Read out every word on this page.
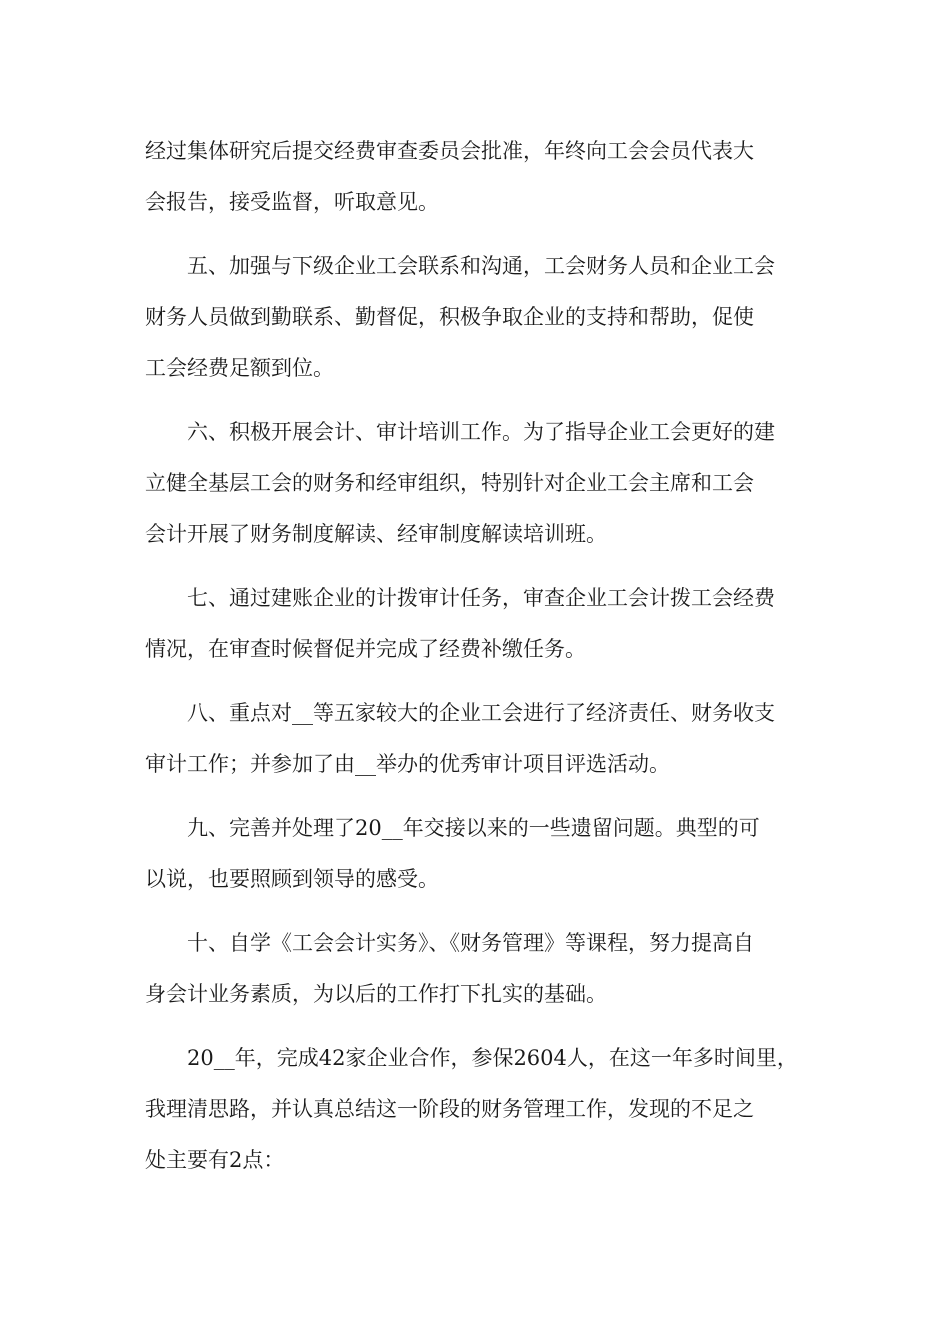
经过集体研究后提交经费审查委员会批准，年终向工会会员代表大
会报告，接受监督，听取意见。

五、加强与下级企业工会联系和沟通，工会财务人员和企业工会
财务人员做到勤联系、勤督促，积极争取企业的支持和帮助，促使
工会经费足额到位。

六、积极开展会计、审计培训工作。为了指导企业工会更好的建
立健全基层工会的财务和经审组织，特别针对企业工会主席和工会
会计开展了财务制度解读、经审制度解读培训班。

七、通过建账企业的计拨审计任务，审查企业工会计拨工会经费
情况，在审查时候督促并完成了经费补缴任务。

八、重点对__等五家较大的企业工会进行了经济责任、财务收支
审计工作；并参加了由__举办的优秀审计项目评选活动。

九、完善并处理了20__年交接以来的一些遗留问题。典型的可
以说，也要照顾到领导的感受。

十、自学《工会会计实务》、《财务管理》等课程，努力提高自
身会计业务素质，为以后的工作打下扎实的基础。

20__年，完成42家企业合作，参保2604人，在这一年多时间里，
我理清思路，并认真总结这一阶段的财务管理工作，发现的不足之
处主要有2点：
